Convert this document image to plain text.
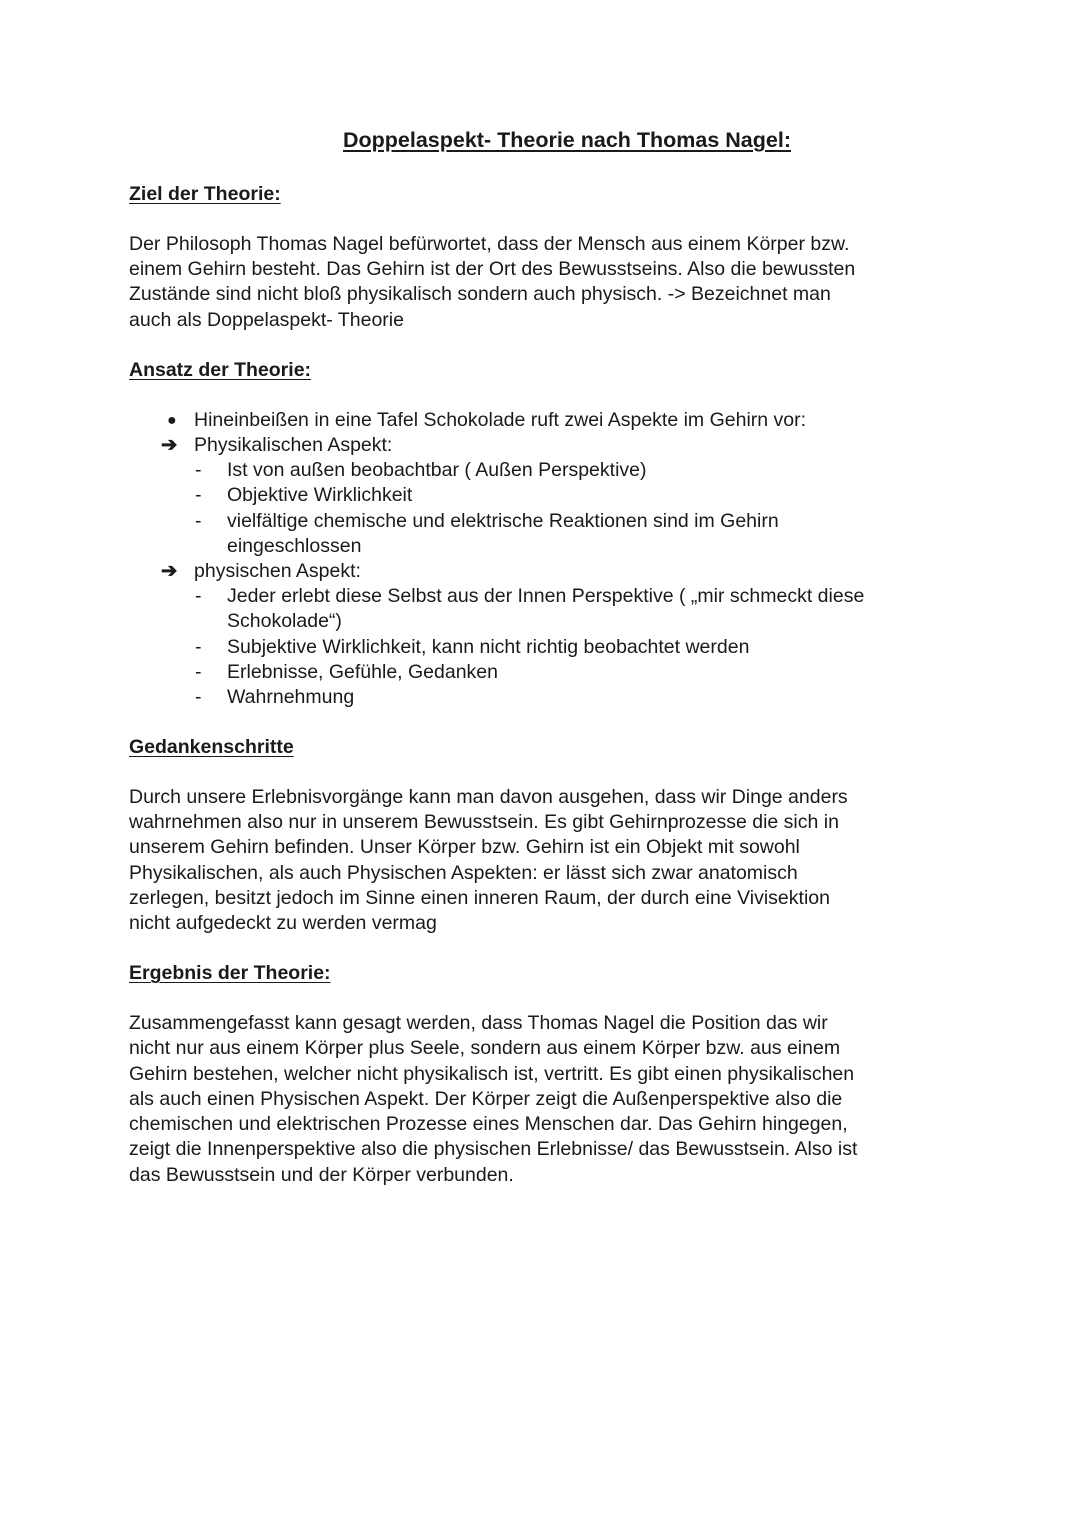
Doppelaspekt- Theorie nach Thomas Nagel:
Ziel der Theorie:
Der Philosoph Thomas Nagel befürwortet, dass der Mensch aus einem Körper bzw.
einem Gehirn besteht. Das Gehirn ist der Ort des Bewusstseins. Also die bewussten
Zustände sind nicht bloß physikalisch sondern auch physisch. -> Bezeichnet man
auch als Doppelaspekt- Theorie
Ansatz der Theorie:
● Hineinbeißen in eine Tafel Schokolade ruft zwei Aspekte im Gehirn vor:
➔ Physikalischen Aspekt:
- Ist von außen beobachtbar ( Außen Perspektive)
- Objektive Wirklichkeit
- vielfältige chemische und elektrische Reaktionen sind im Gehirn
eingeschlossen
➔ physischen Aspekt:
- Jeder erlebt diese Selbst aus der Innen Perspektive ( „mir schmeckt diese
Schokolade“)
- Subjektive Wirklichkeit, kann nicht richtig beobachtet werden
- Erlebnisse, Gefühle, Gedanken
- Wahrnehmung
Gedankenschritte
Durch unsere Erlebnisvorgänge kann man davon ausgehen, dass wir Dinge anders
wahrnehmen also nur in unserem Bewusstsein. Es gibt Gehirnprozesse die sich in
unserem Gehirn befinden. Unser Körper bzw. Gehirn ist ein Objekt mit sowohl
Physikalischen, als auch Physischen Aspekten: er lässt sich zwar anatomisch
zerlegen, besitzt jedoch im Sinne einen inneren Raum, der durch eine Vivisektion
nicht aufgedeckt zu werden vermag
Ergebnis der Theorie:
Zusammengefasst kann gesagt werden, dass Thomas Nagel die Position das wir
nicht nur aus einem Körper plus Seele, sondern aus einem Körper bzw. aus einem
Gehirn bestehen, welcher nicht physikalisch ist, vertritt. Es gibt einen physikalischen
als auch einen Physischen Aspekt. Der Körper zeigt die Außenperspektive also die
chemischen und elektrischen Prozesse eines Menschen dar. Das Gehirn hingegen,
zeigt die Innenperspektive also die physischen Erlebnisse/ das Bewusstsein. Also ist
das Bewusstsein und der Körper verbunden.
